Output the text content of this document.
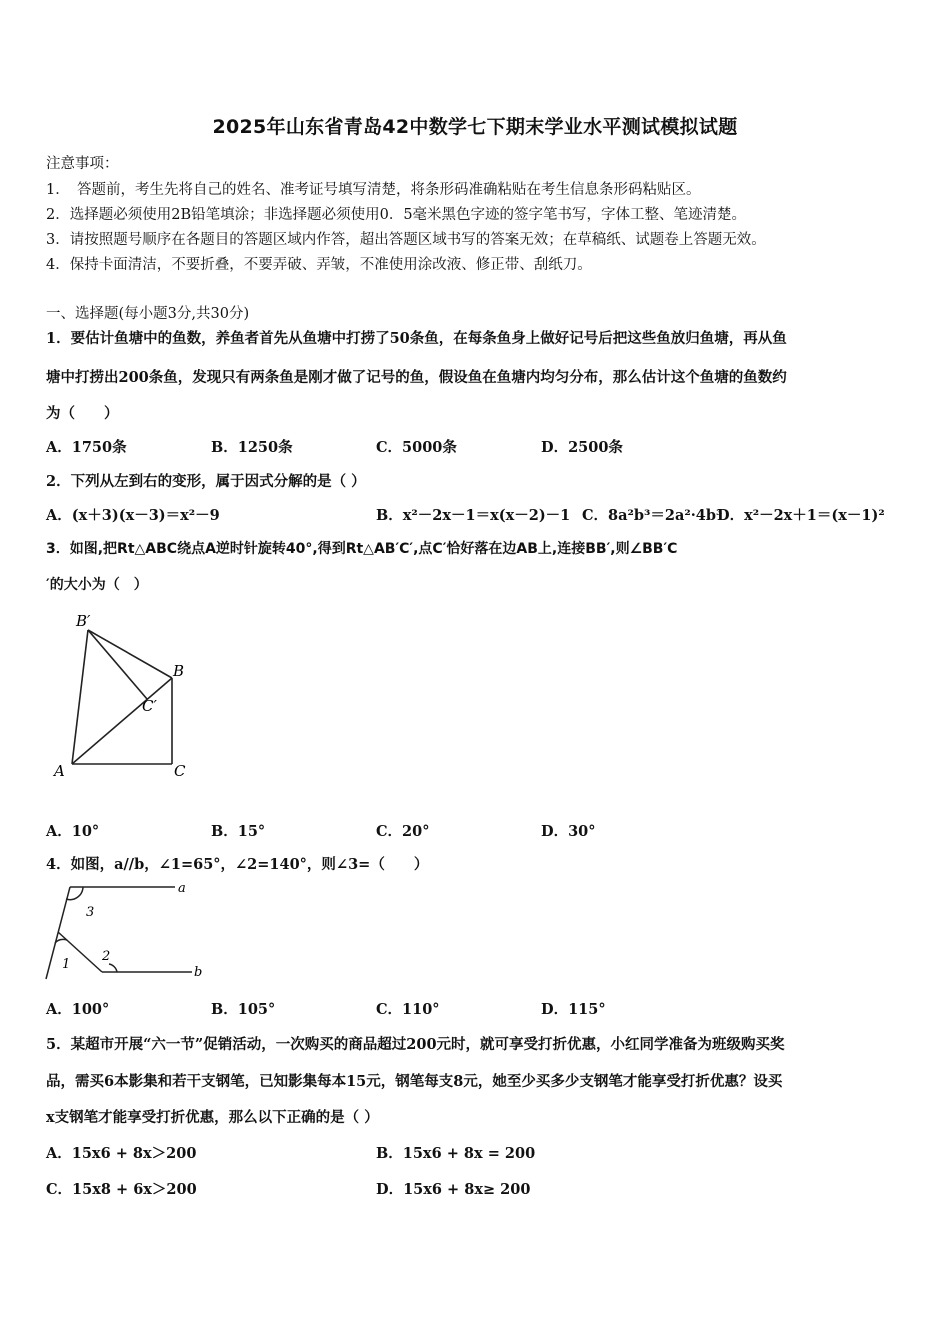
2025年山东省青岛42中数学七下期末学业水平测试模拟试题
注意事项：
1．　答题前，考生先将自己的姓名、准考证号填写清楚，将条形码准确粘贴在考生信息条形码粘贴区。
2．选择题必须使用2B铅笔填涂；非选择题必须使用0．5毫米黑色字迹的签字笔书写，字体工整、笔迹清楚。
3．请按照题号顺序在各题目的答题区域内作答，超出答题区域书写的答案无效；在草稿纸、试题卷上答题无效。
4．保持卡面清洁，不要折叠，不要弄破、弄皱，不准使用涂改液、修正带、刮纸刀。
一、选择题(每小题3分,共30分)
1．要估计鱼塘中的鱼数，养鱼者首先从鱼塘中打捞了50条鱼，在每条鱼身上做好记号后把这些鱼放归鱼塘，再从鱼
塘中打捞出200条鱼，发现只有两条鱼是刚才做了记号的鱼，假设鱼在鱼塘内均匀分布，那么估计这个鱼塘的鱼数约
为（　　）
A．1750条	B．1250条	C．5000条	D．2500条
2．下列从左到右的变形，属于因式分解的是（ ）
A．(x＋3)(x－3)＝x²－9	B．x²－2x－1＝x(x－2)－1 C．8a²b³＝2a²·4b³
D．x²－2x＋1＝(x－1)²
3．如图,把Rt△ABC绕点A逆时针旋转40°,得到Rt△AB′C′,点C′恰好落在边AB上,连接BB′,则∠BB′C
′的大小为（　）
B′
B
C′
A	C
A．10°	B．15°	C．20°	D．30°
4．如图，a//b，∠1=65°，∠2=140°，则∠3=（　　）
a
3
1
2
b
A．100°	B．105°	C．110°	D．115°
5．某超市开展“六一节”促销活动，一次购买的商品超过200元时，就可享受打折优惠，小红同学准备为班级购买奖
品，需买6本影集和若干支钢笔，已知影集每本15元，钢笔每支8元，她至少买多少支钢笔才能享受打折优惠？设买
x支钢笔才能享受打折优惠，那么以下正确的是（ ）
A．15x6 + 8x＞200	B．15x6 + 8x = 200
C．15x8 + 6x＞200	D．15x6 + 8x≥ 200
